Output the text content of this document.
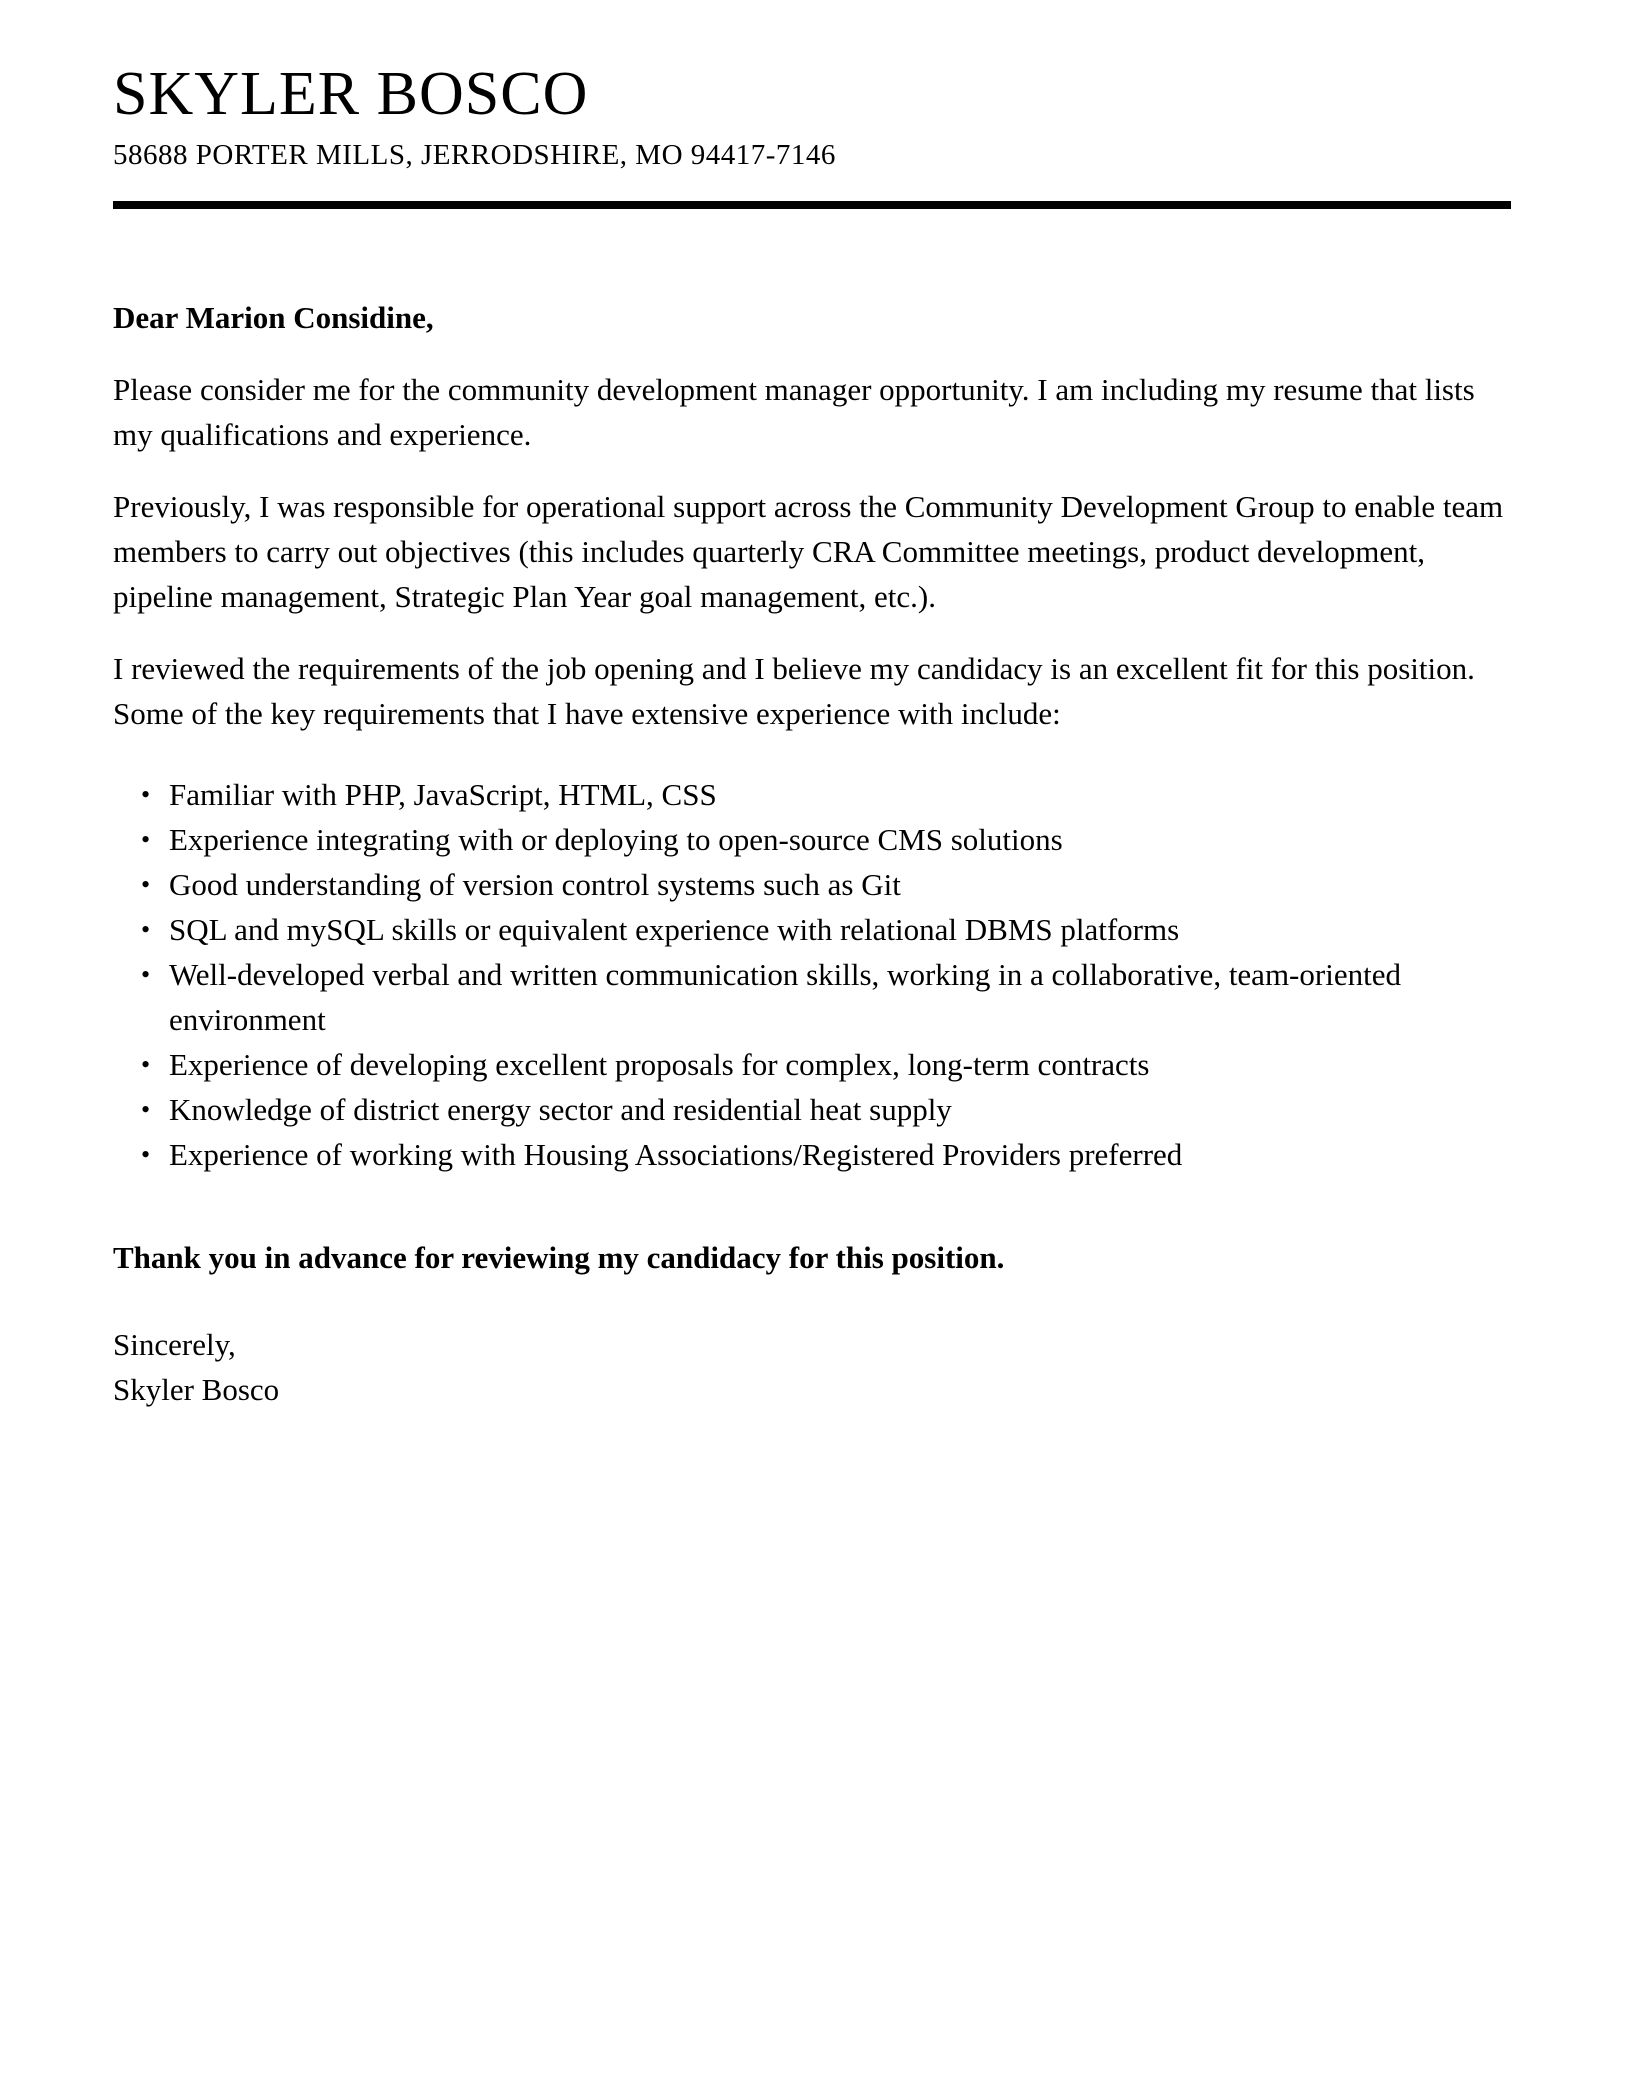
SKYLER BOSCO

58688 PORTER MILLS, JERRODSHIRE, MO 94417-7146

Dear Marion Considine,

Please consider me for the community development manager opportunity. I am including my resume that lists my qualifications and experience.

Previously, I was responsible for operational support across the Community Development Group to enable team members to carry out objectives (this includes quarterly CRA Committee meetings, product development, pipeline management, Strategic Plan Year goal management, etc.).

I reviewed the requirements of the job opening and I believe my candidacy is an excellent fit for this position. Some of the key requirements that I have extensive experience with include:

• Familiar with PHP, JavaScript, HTML, CSS
• Experience integrating with or deploying to open-source CMS solutions
• Good understanding of version control systems such as Git
• SQL and mySQL skills or equivalent experience with relational DBMS platforms
• Well-developed verbal and written communication skills, working in a collaborative, team-oriented environment
• Experience of developing excellent proposals for complex, long-term contracts
• Knowledge of district energy sector and residential heat supply
• Experience of working with Housing Associations/Registered Providers preferred

Thank you in advance for reviewing my candidacy for this position.

Sincerely,

Skyler Bosco
